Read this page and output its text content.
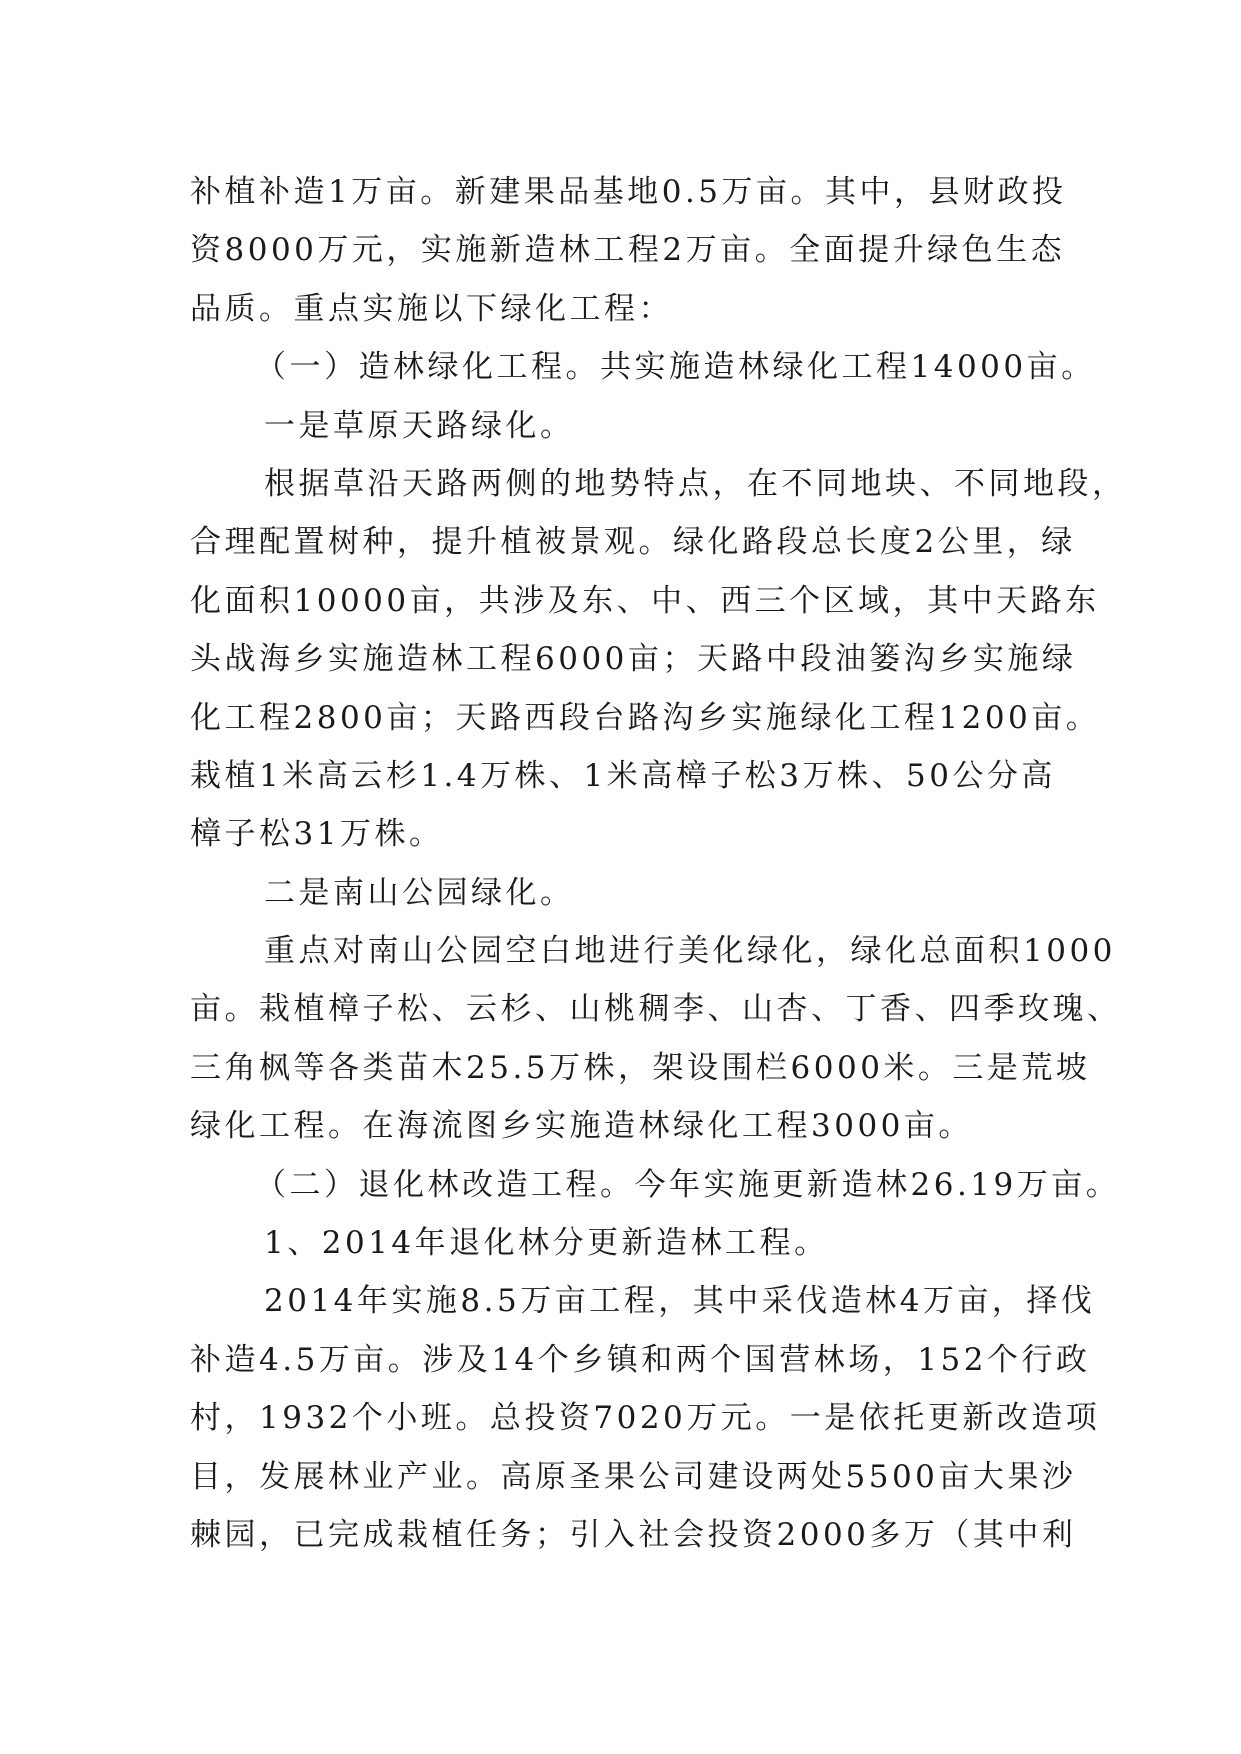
补植补造1万亩。新建果品基地0.5万亩。其中，县财政投
资8000万元，实施新造林工程2万亩。全面提升绿色生态
品质。重点实施以下绿化工程：
（一）造林绿化工程。共实施造林绿化工程14000亩。
一是草原天路绿化。
根据草沿天路两侧的地势特点，在不同地块、不同地段，
合理配置树种，提升植被景观。绿化路段总长度2公里，绿
化面积10000亩，共涉及东、中、西三个区域，其中天路东
头战海乡实施造林工程6000亩；天路中段油篓沟乡实施绿
化工程2800亩；天路西段台路沟乡实施绿化工程1200亩。
栽植1米高云杉1.4万株、1米高樟子松3万株、50公分高
樟子松31万株。
二是南山公园绿化。
重点对南山公园空白地进行美化绿化，绿化总面积1000
亩。栽植樟子松、云杉、山桃稠李、山杏、丁香、四季玫瑰、
三角枫等各类苗木25.5万株，架设围栏6000米。三是荒坡
绿化工程。在海流图乡实施造林绿化工程3000亩。
（二）退化林改造工程。今年实施更新造林26.19万亩。
1、2014年退化林分更新造林工程。
2014年实施8.5万亩工程，其中采伐造林4万亩，择伐
补造4.5万亩。涉及14个乡镇和两个国营林场，152个行政
村，1932个小班。总投资7020万元。一是依托更新改造项
目，发展林业产业。高原圣果公司建设两处5500亩大果沙
棘园，已完成栽植任务；引入社会投资2000多万（其中利
